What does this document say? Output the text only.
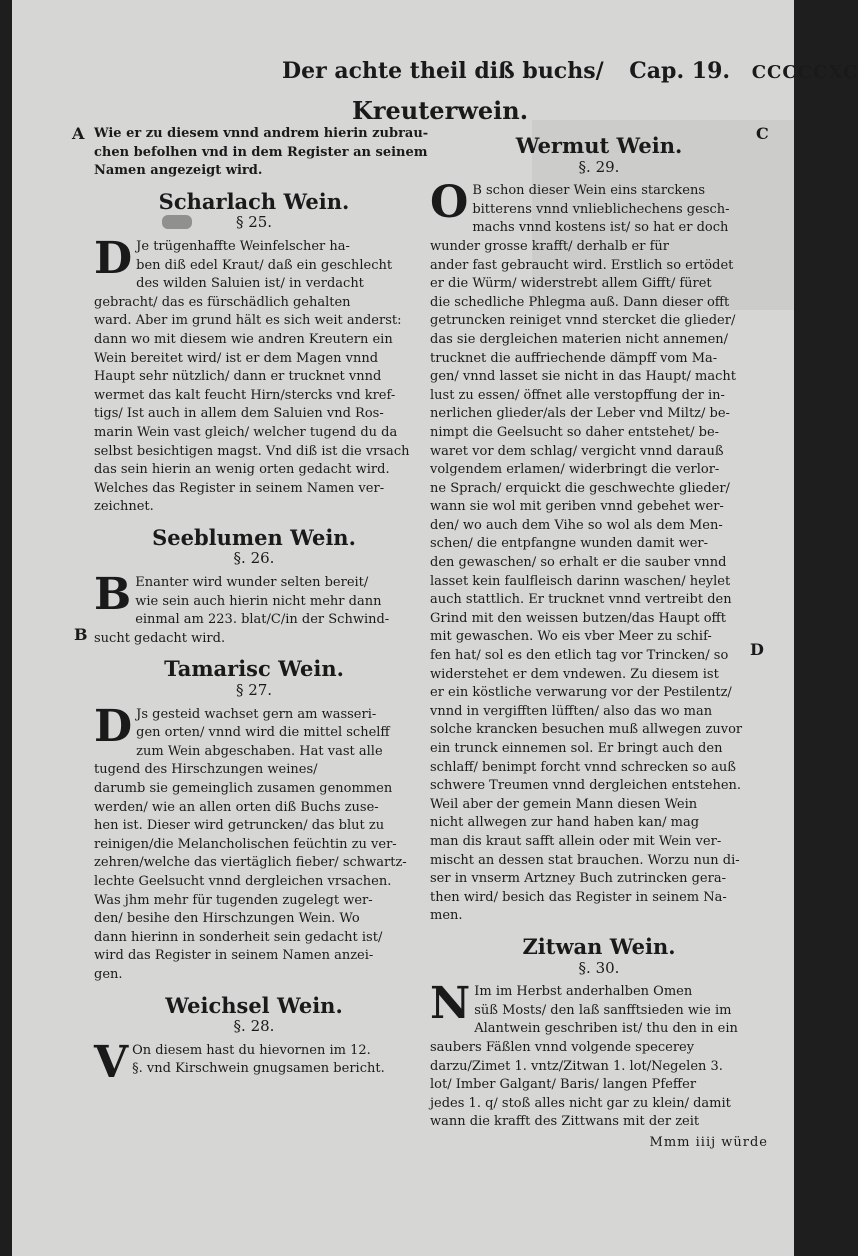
Der achte theil diß buchs/ Cap. 19. CCCCCXC
Kreuterwein.
A
B
C
D
Wie er zu diesem vnnd andrem hierin zubrau-
chen befolhen vnd in dem Register an seinem
Namen angezeigt wird.
Scharlach Wein.
§ 25.
D Je trügenhaffte Weinfelscher ha-
ben diß edel Kraut/ daß ein geschlecht
des wilden Saluien ist/ in verdacht
gebracht/ das es fürschädlich gehalten
ward. Aber im grund hält es sich weit anderst:
dann wo mit diesem wie andren Kreutern ein
Wein bereitet wird/ ist er dem Magen vnnd
Haupt sehr nützlich/ dann er trucknet vnnd
wermet das kalt feucht Hirn/stercks vnd kref-
tigs/ Ist auch in allem dem Saluien vnd Ros-
marin Wein vast gleich/ welcher tugend du da
selbst besichtigen magst. Vnd diß ist die vrsach
das sein hierin an wenig orten gedacht wird.
Welches das Register in seinem Namen ver-
zeichnet.
Seeblumen Wein.
§. 26.
B Enanter wird wunder selten bereit/
wie sein auch hierin nicht mehr dann
einmal am 223. blat/C/in der Schwind-
sucht gedacht wird.
Tamarisc Wein.
§ 27.
D Js gesteid wachset gern am wasseri-
gen orten/ vnnd wird die mittel schelff
zum Wein abgeschaben. Hat vast alle
tugend des Hirschzungen weines/
darumb sie gemeinglich zusamen genommen
werden/ wie an allen orten diß Buchs zuse-
hen ist. Dieser wird getruncken/ das blut zu
reinigen/die Melancholischen feüchtin zu ver-
zehren/welche das viertäglich fieber/ schwartz-
lechte Geelsucht vnnd dergleichen vrsachen.
Was jhm mehr für tugenden zugelegt wer-
den/ besihe den Hirschzungen Wein. Wo
dann hierinn in sonderheit sein gedacht ist/
wird das Register in seinem Namen anzei-
gen.
Weichsel Wein.
§. 28.
V On diesem hast du hievornen im 12.
§. vnd Kirschwein gnugsamen bericht.
Wermut Wein.
§. 29.
O B schon dieser Wein eins starckens
bitterens vnnd vnlieblichechens gesch-
machs vnnd kostens ist/ so hat er doch
wunder grosse krafft/ derhalb er für
ander fast gebraucht wird. Erstlich so ertödet
er die Würm/ widerstrebt allem Gifft/ füret
die schedliche Phlegma auß. Dann dieser offt
getruncken reiniget vnnd stercket die glieder/
das sie dergleichen materien nicht annemen/
trucknet die auffriechende dämpff vom Ma-
gen/ vnnd lasset sie nicht in das Haupt/ macht
lust zu essen/ öffnet alle verstopffung der in-
nerlichen glieder/als der Leber vnd Miltz/ be-
nimpt die Geelsucht so daher entstehet/ be-
waret vor dem schlag/ vergicht vnnd darauß
volgendem erlamen/ widerbringt die verlor-
ne Sprach/ erquickt die geschwechte glieder/
wann sie wol mit geriben vnnd gebehet wer-
den/ wo auch dem Vihe so wol als dem Men-
schen/ die entpfangne wunden damit wer-
den gewaschen/ so erhalt er die sauber vnnd
lasset kein faulfleisch darinn waschen/ heylet
auch stattlich. Er trucknet vnnd vertreibt den
Grind mit den weissen butzen/das Haupt offt
mit gewaschen. Wo eis vber Meer zu schif-
fen hat/ sol es den etlich tag vor Trincken/ so
widerstehet er dem vndewen. Zu diesem ist
er ein köstliche verwarung vor der Pestilentz/
vnnd in vergifften lüfften/ also das wo man
solche krancken besuchen muß allwegen zuvor
ein trunck einnemen sol. Er bringt auch den
schlaff/ benimpt forcht vnnd schrecken so auß
schwere Treumen vnnd dergleichen entstehen.
Weil aber der gemein Mann diesen Wein
nicht allwegen zur hand haben kan/ mag
man dis kraut safft allein oder mit Wein ver-
mischt an dessen stat brauchen. Worzu nun di-
ser in vnserm Artzney Buch zutrincken gera-
then wird/ besich das Register in seinem Na-
men.
Zitwan Wein.
§. 30.
N Im im Herbst anderhalben Omen
süß Mosts/ den laß sanfftsieden wie im
Alantwein geschriben ist/ thu den in ein
saubers Fäßlen vnnd volgende specerey
darzu/Zimet 1. vntz/Zitwan 1. lot/Negelen 3.
lot/ Imber Galgant/ Baris/ langen Pfeffer
jedes 1. q/ stoß alles nicht gar zu klein/ damit
wann die krafft des Zittwans mit der zeit
Mmm iiij würde
